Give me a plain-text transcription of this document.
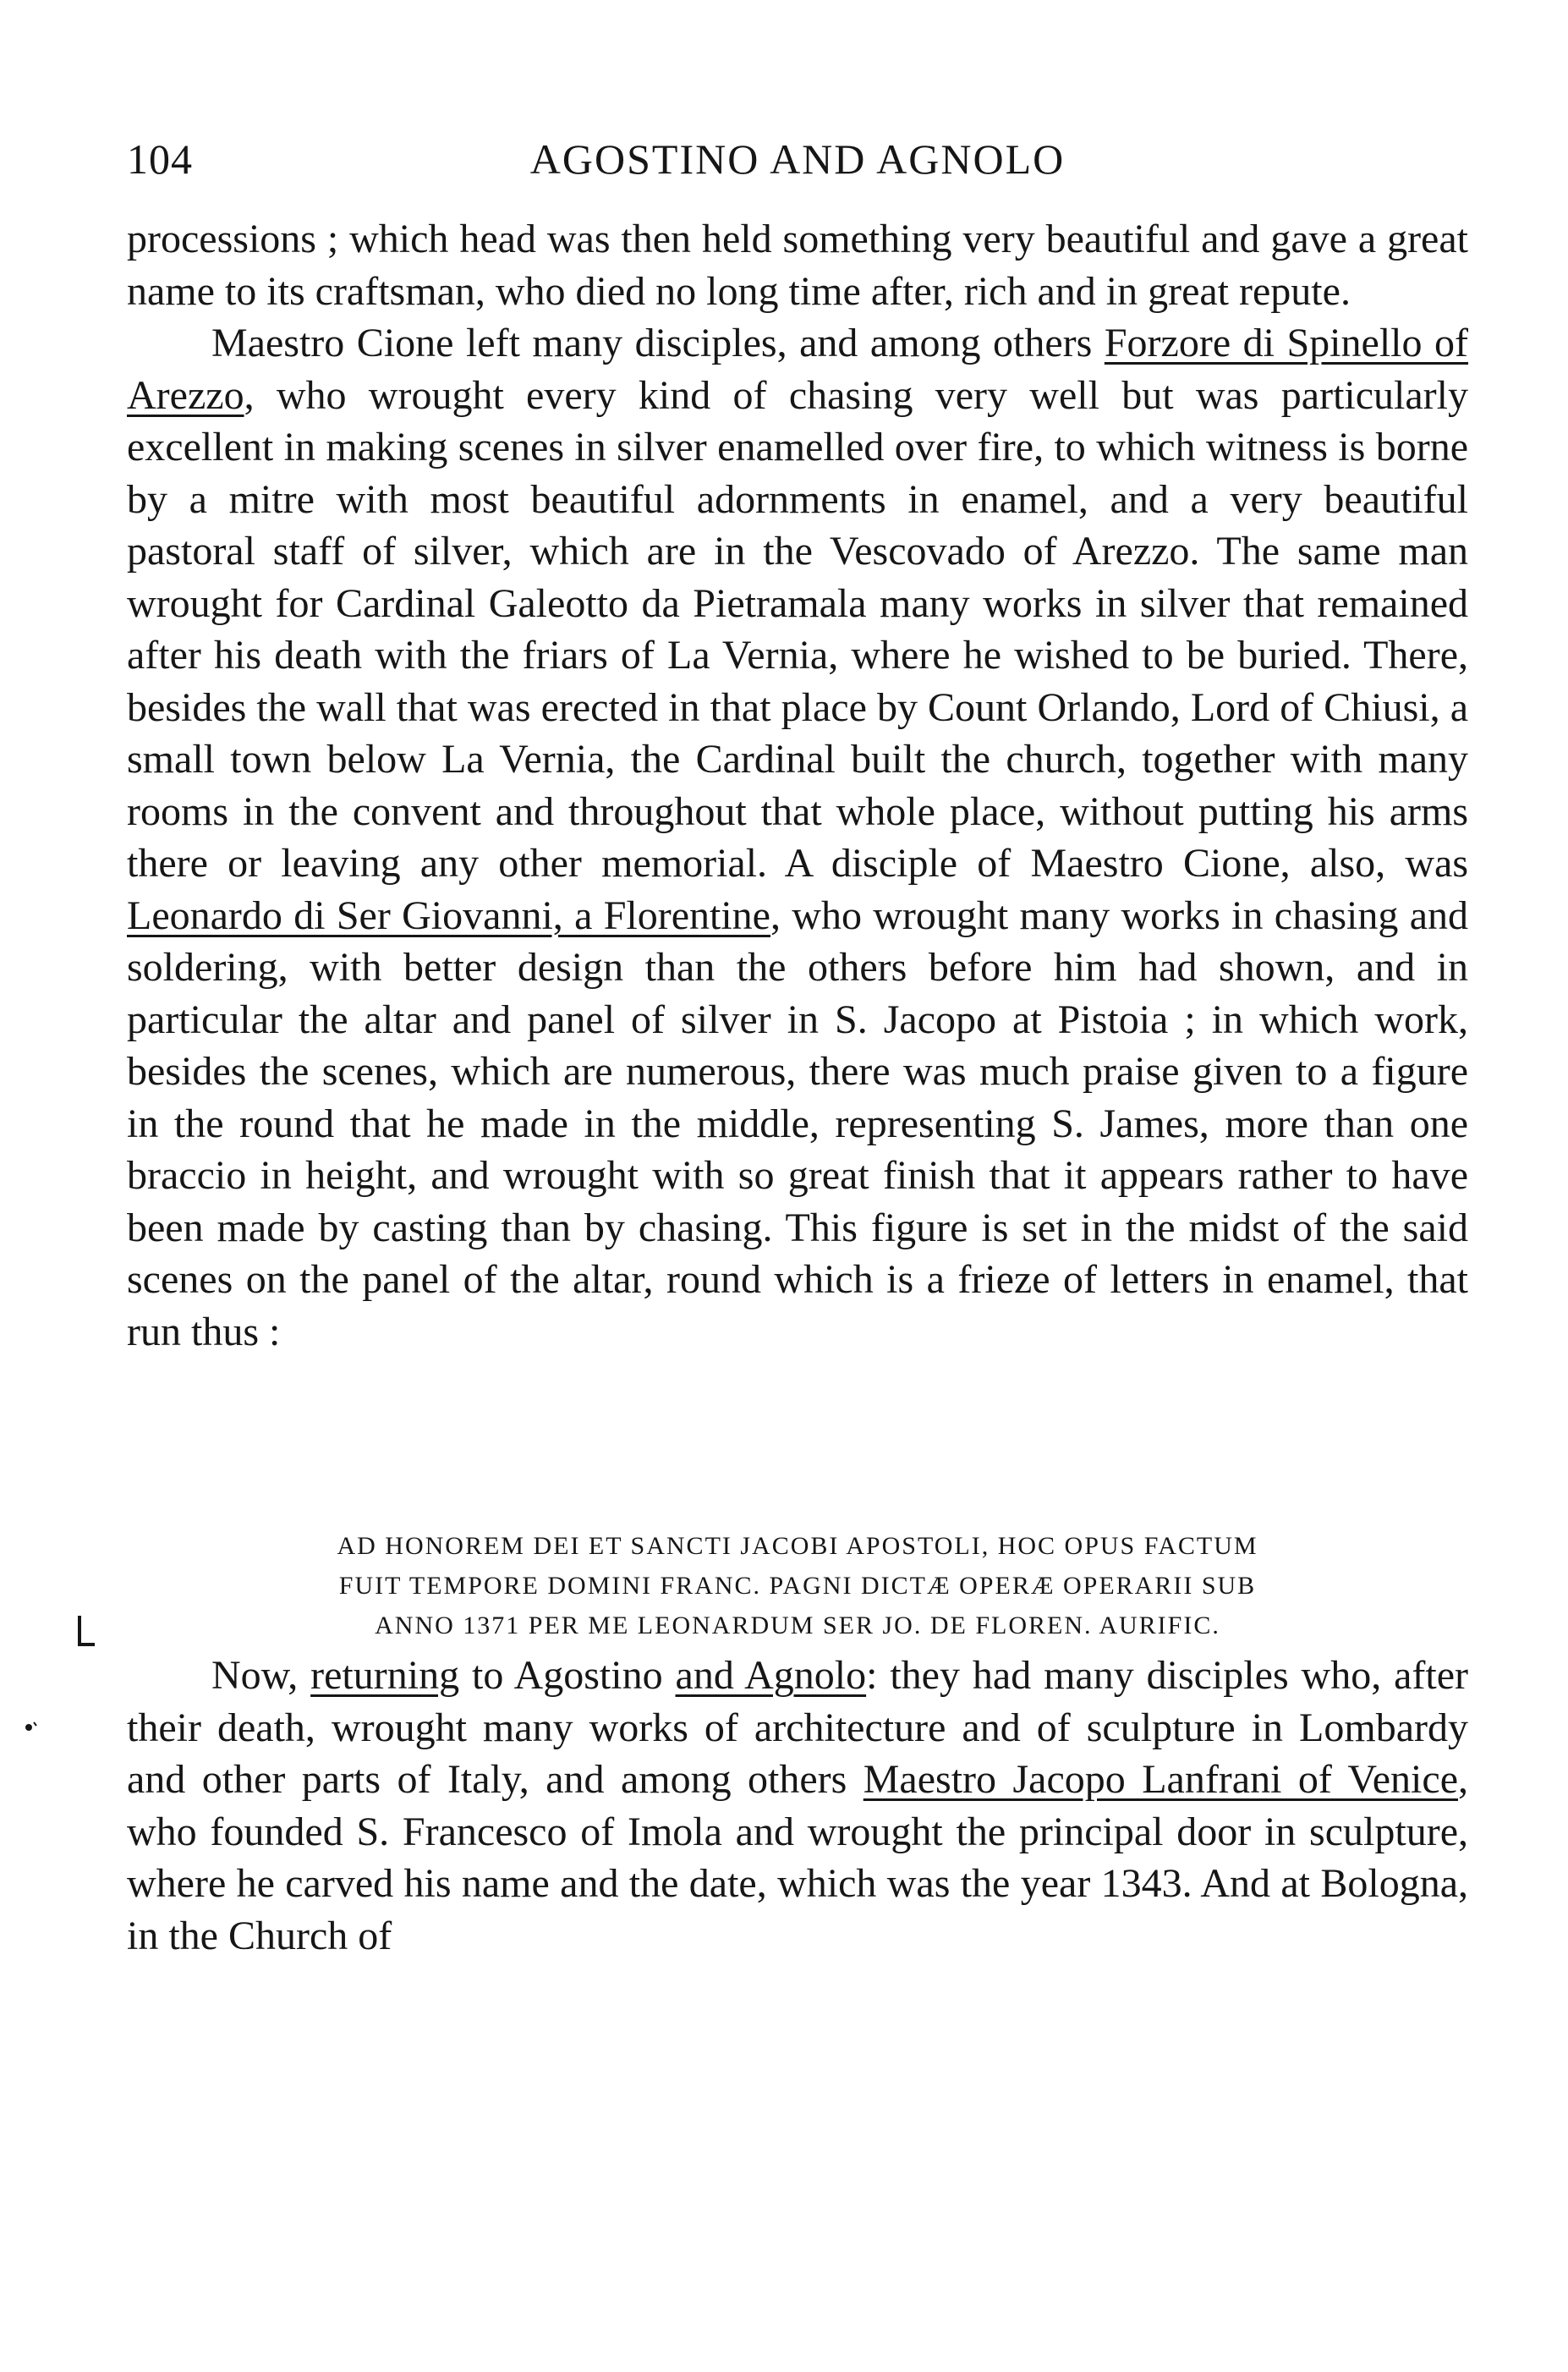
104	AGOSTINO AND AGNOLO

processions ; which head was then held something very beautiful and gave a great name to its craftsman, who died no long time after, rich and in great repute.

Maestro Cione left many disciples, and among others Forzore di Spinello of Arezzo, who wrought every kind of chasing very well but was particularly excellent in making scenes in silver enamelled over fire, to which witness is borne by a mitre with most beautiful adornments in enamel, and a very beautiful pastoral staff of silver, which are in the Vescovado of Arezzo. The same man wrought for Cardinal Galeotto da Pietramala many works in silver that remained after his death with the friars of La Vernia, where he wished to be buried. There, besides the wall that was erected in that place by Count Orlando, Lord of Chiusi, a small town below La Vernia, the Cardinal built the church, together with many rooms in the convent and throughout that whole place, without putting his arms there or leaving any other memorial. A disciple of Maestro Cione, also, was Leonardo di Ser Giovanni, a Florentine, who wrought many works in chasing and soldering, with better design than the others before him had shown, and in particular the altar and panel of silver in S. Jacopo at Pistoia ; in which work, besides the scenes, which are numerous, there was much praise given to a figure in the round that he made in the middle, representing S. James, more than one braccio in height, and wrought with so great finish that it appears rather to have been made by casting than by chasing. This figure is set in the midst of the said scenes on the panel of the altar, round which is a frieze of letters in enamel, that run thus :

AD HONOREM DEI ET SANCTI JACOBI APOSTOLI, HOC OPUS FACTUM
FUIT TEMPORE DOMINI FRANC. PAGNI DICTÆ OPERÆ OPERARII SUB
ANNO 1371 PER ME LEONARDUM SER JO. DE FLOREN. AURIFIC.

Now, returning to Agostino and Agnolo: they had many disciples who, after their death, wrought many works of architecture and of sculpture in Lombardy and other parts of Italy, and among others Maestro Jacopo Lanfrani of Venice, who founded S. Francesco of Imola and wrought the principal door in sculpture, where he carved his name and the date, which was the year 1343. And at Bologna, in the Church of
